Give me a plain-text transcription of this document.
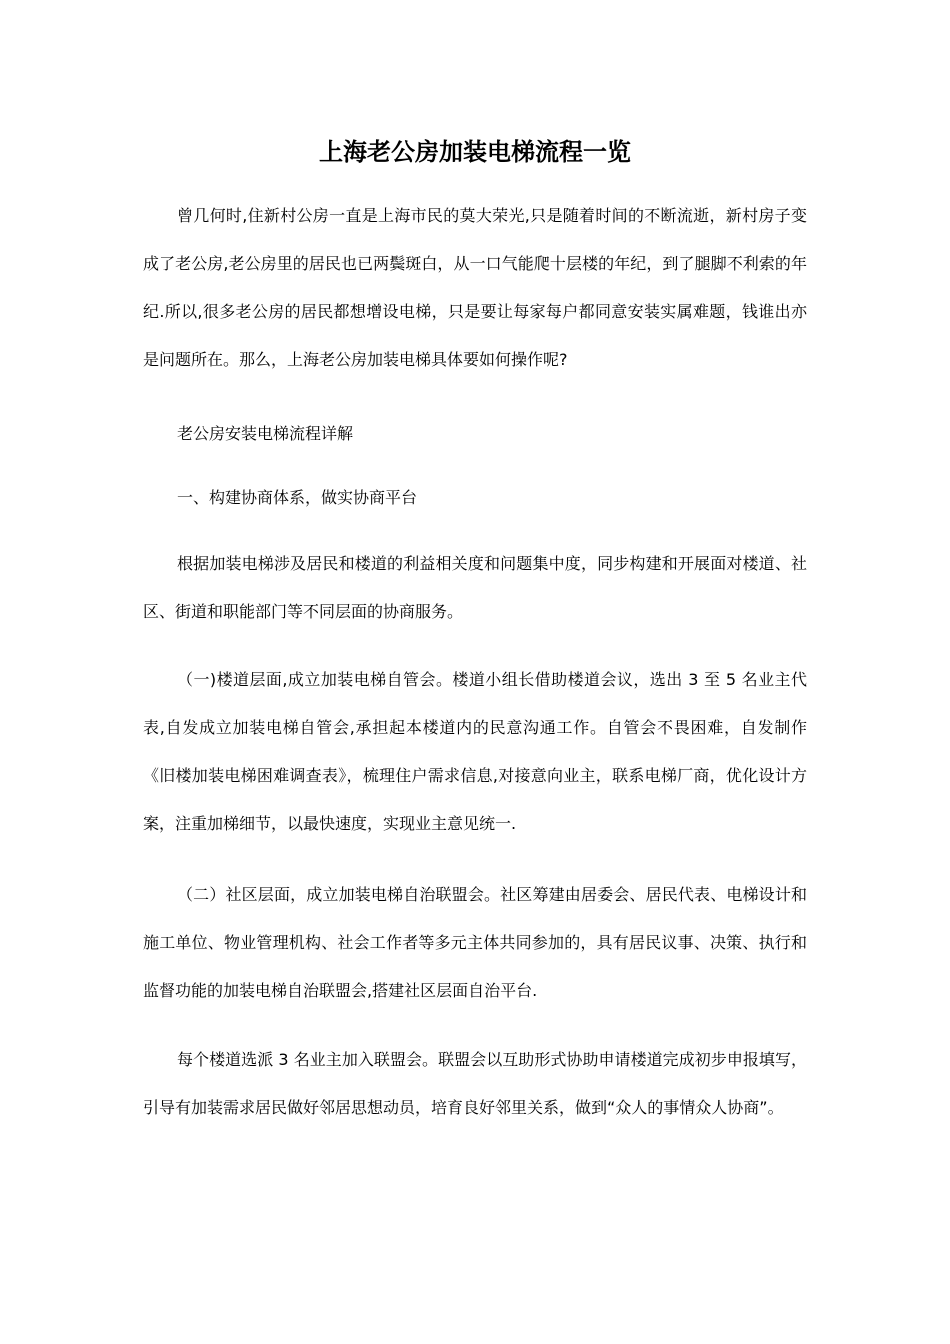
上海老公房加装电梯流程一览

曾几何时,住新村公房一直是上海市民的莫大荣光,只是随着时间的不断流逝，新村房子变成了老公房,老公房里的居民也已两鬓斑白，从一口气能爬十层楼的年纪，到了腿脚不利索的年纪.所以,很多老公房的居民都想增设电梯，只是要让每家每户都同意安装实属难题，钱谁出亦是问题所在。那么，上海老公房加装电梯具体要如何操作呢?

老公房安装电梯流程详解

一、构建协商体系，做实协商平台

根据加装电梯涉及居民和楼道的利益相关度和问题集中度，同步构建和开展面对楼道、社区、街道和职能部门等不同层面的协商服务。

（一)楼道层面,成立加装电梯自管会。楼道小组长借助楼道会议，选出 3 至 5 名业主代表,自发成立加装电梯自管会,承担起本楼道内的民意沟通工作。自管会不畏困难，自发制作《旧楼加装电梯困难调查表》，梳理住户需求信息,对接意向业主，联系电梯厂商，优化设计方案，注重加梯细节，以最快速度，实现业主意见统一.

（二）社区层面，成立加装电梯自治联盟会。社区筹建由居委会、居民代表、电梯设计和施工单位、物业管理机构、社会工作者等多元主体共同参加的，具有居民议事、决策、执行和监督功能的加装电梯自治联盟会,搭建社区层面自治平台.

每个楼道选派 3 名业主加入联盟会。联盟会以互助形式协助申请楼道完成初步申报填写，引导有加装需求居民做好邻居思想动员，培育良好邻里关系，做到“众人的事情众人协商”。
